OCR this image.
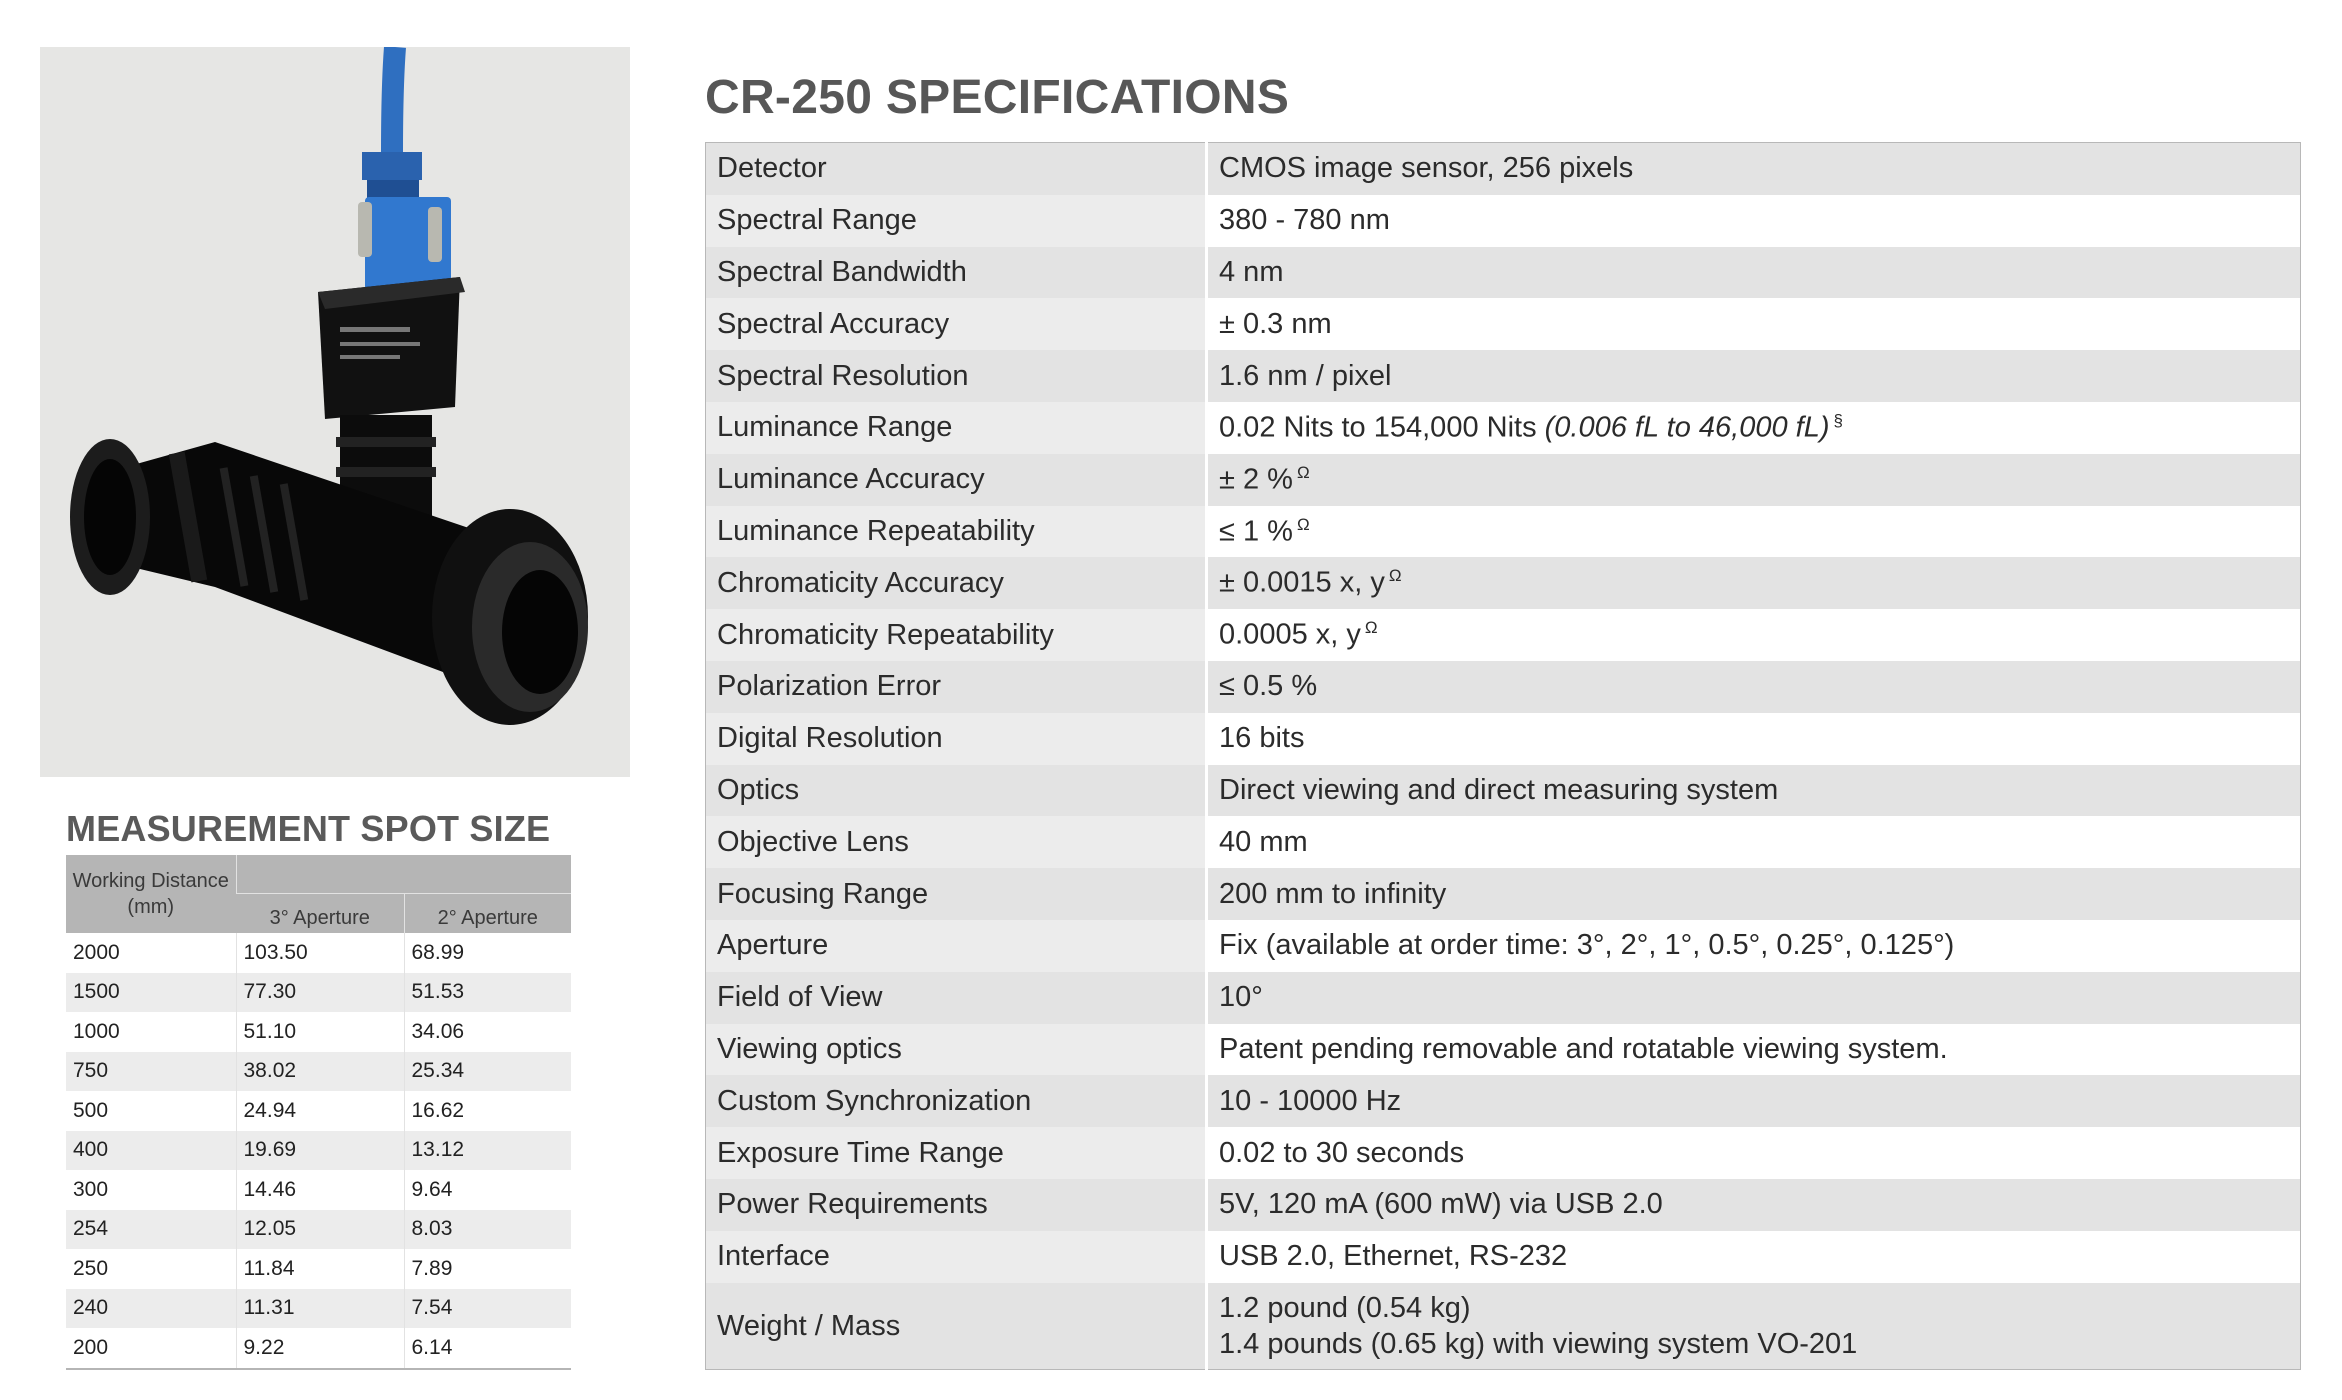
MEASUREMENT SPOT SIZE
Working Distance (mm)		
	3° Aperture	2° Aperture
2000	103.50	68.99
1500	77.30	51.53
1000	51.10	34.06
750	38.02	25.34
500	24.94	16.62
400	19.69	13.12
300	14.46	9.64
254	12.05	8.03
250	11.84	7.89
240	11.31	7.54
200	9.22	6.14
CR-250 SPECIFICATIONS
Detector	CMOS image sensor, 256 pixels
Spectral Range	380 - 780 nm
Spectral Bandwidth	4 nm
Spectral Accuracy	± 0.3 nm
Spectral Resolution	1.6 nm / pixel
Luminance Range	0.02 Nits to 154,000 Nits (0.006 fL to 46,000 fL) §
Luminance Accuracy	± 2 % $^\Omega$
Luminance Repeatability	≤ 1 % $^\Omega$
Chromaticity Accuracy	± 0.0015 x, y $^\Omega$
Chromaticity Repeatability	0.0005 x, y $^\Omega$
Polarization Error	≤ 0.5 %
Digital Resolution	16 bits
Optics	Direct viewing and direct measuring system
Objective Lens	40 mm
Focusing Range	200 mm to infinity
Aperture	Fix (available at order time: 3°, 2°, 1°, 0.5°, 0.25°, 0.125°)
Field of View	10°
Viewing optics	Patent pending removable and rotatable viewing system.
Custom Synchronization	10 - 10000 Hz
Exposure Time Range	0.02 to 30 seconds
Power Requirements	5V, 120 mA (600 mW) via USB 2.0
Interface	USB 2.0, Ethernet, RS-232
Weight / Mass	1.2 pound (0.54 kg)
1.4 pounds (0.65 kg) with viewing system VO-201
